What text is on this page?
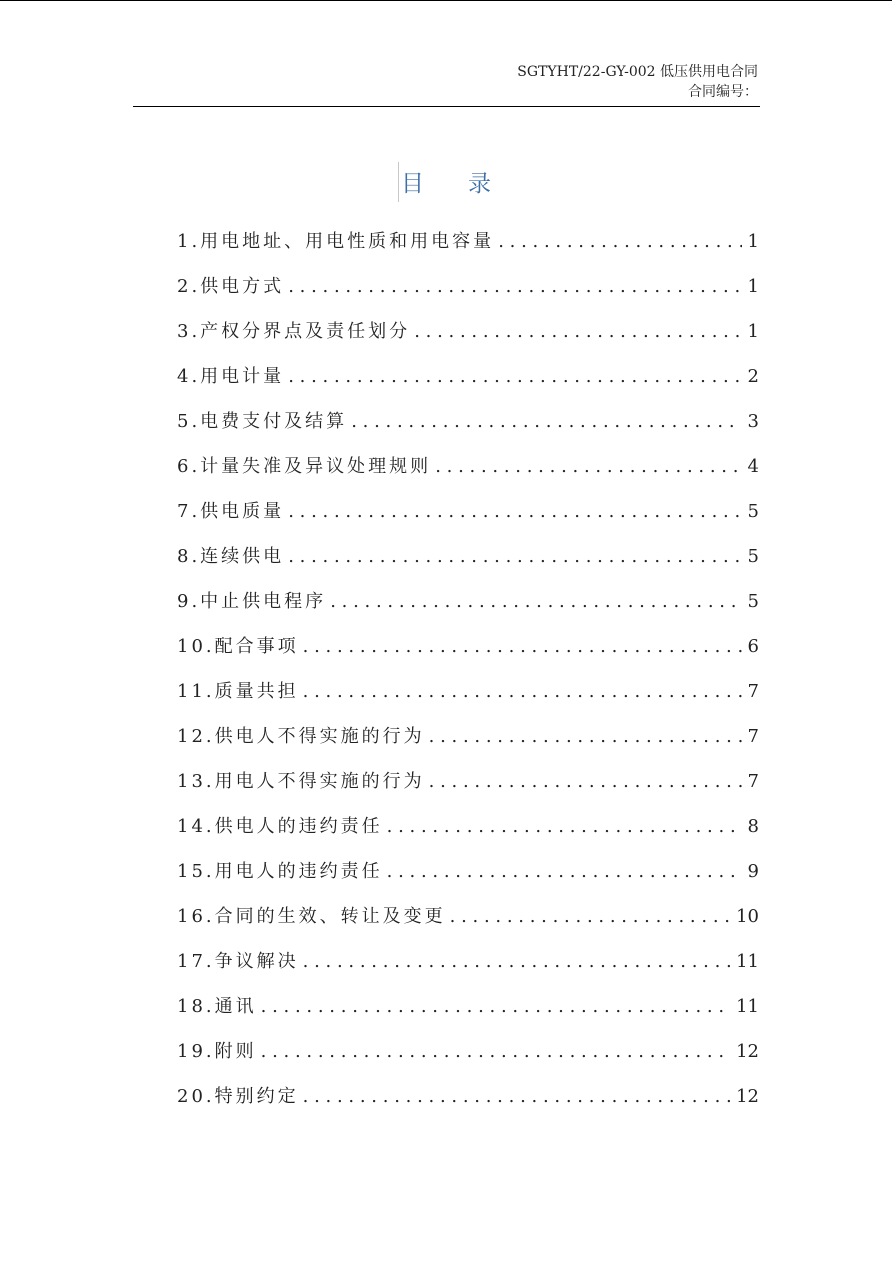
SGTYHT/22-GY-002 低压供用电合同
合同编号：
目 录
1.用电地址、用电性质和用电容量 . . .	1
2.供电方式 . . .	1
3.产权分界点及责任划分 . . .	1
4.用电计量 . . .	2
5.电费支付及结算 . . .	3
6.计量失准及异议处理规则 . . .	4
7.供电质量 . . .	5
8.连续供电 . . .	5
9.中止供电程序 . . .	5
10.配合事项 . . .	6
11.质量共担 . . .	7
12.供电人不得实施的行为 . . .	7
13.用电人不得实施的行为 . . .	7
14.供电人的违约责任 . . .	8
15.用电人的违约责任 . . .	9
16.合同的生效、转让及变更 . . .	10
17.争议解决 . . .	11
18.通讯 . . .	11
19.附则 . . .	12
20.特别约定 . . .	12
